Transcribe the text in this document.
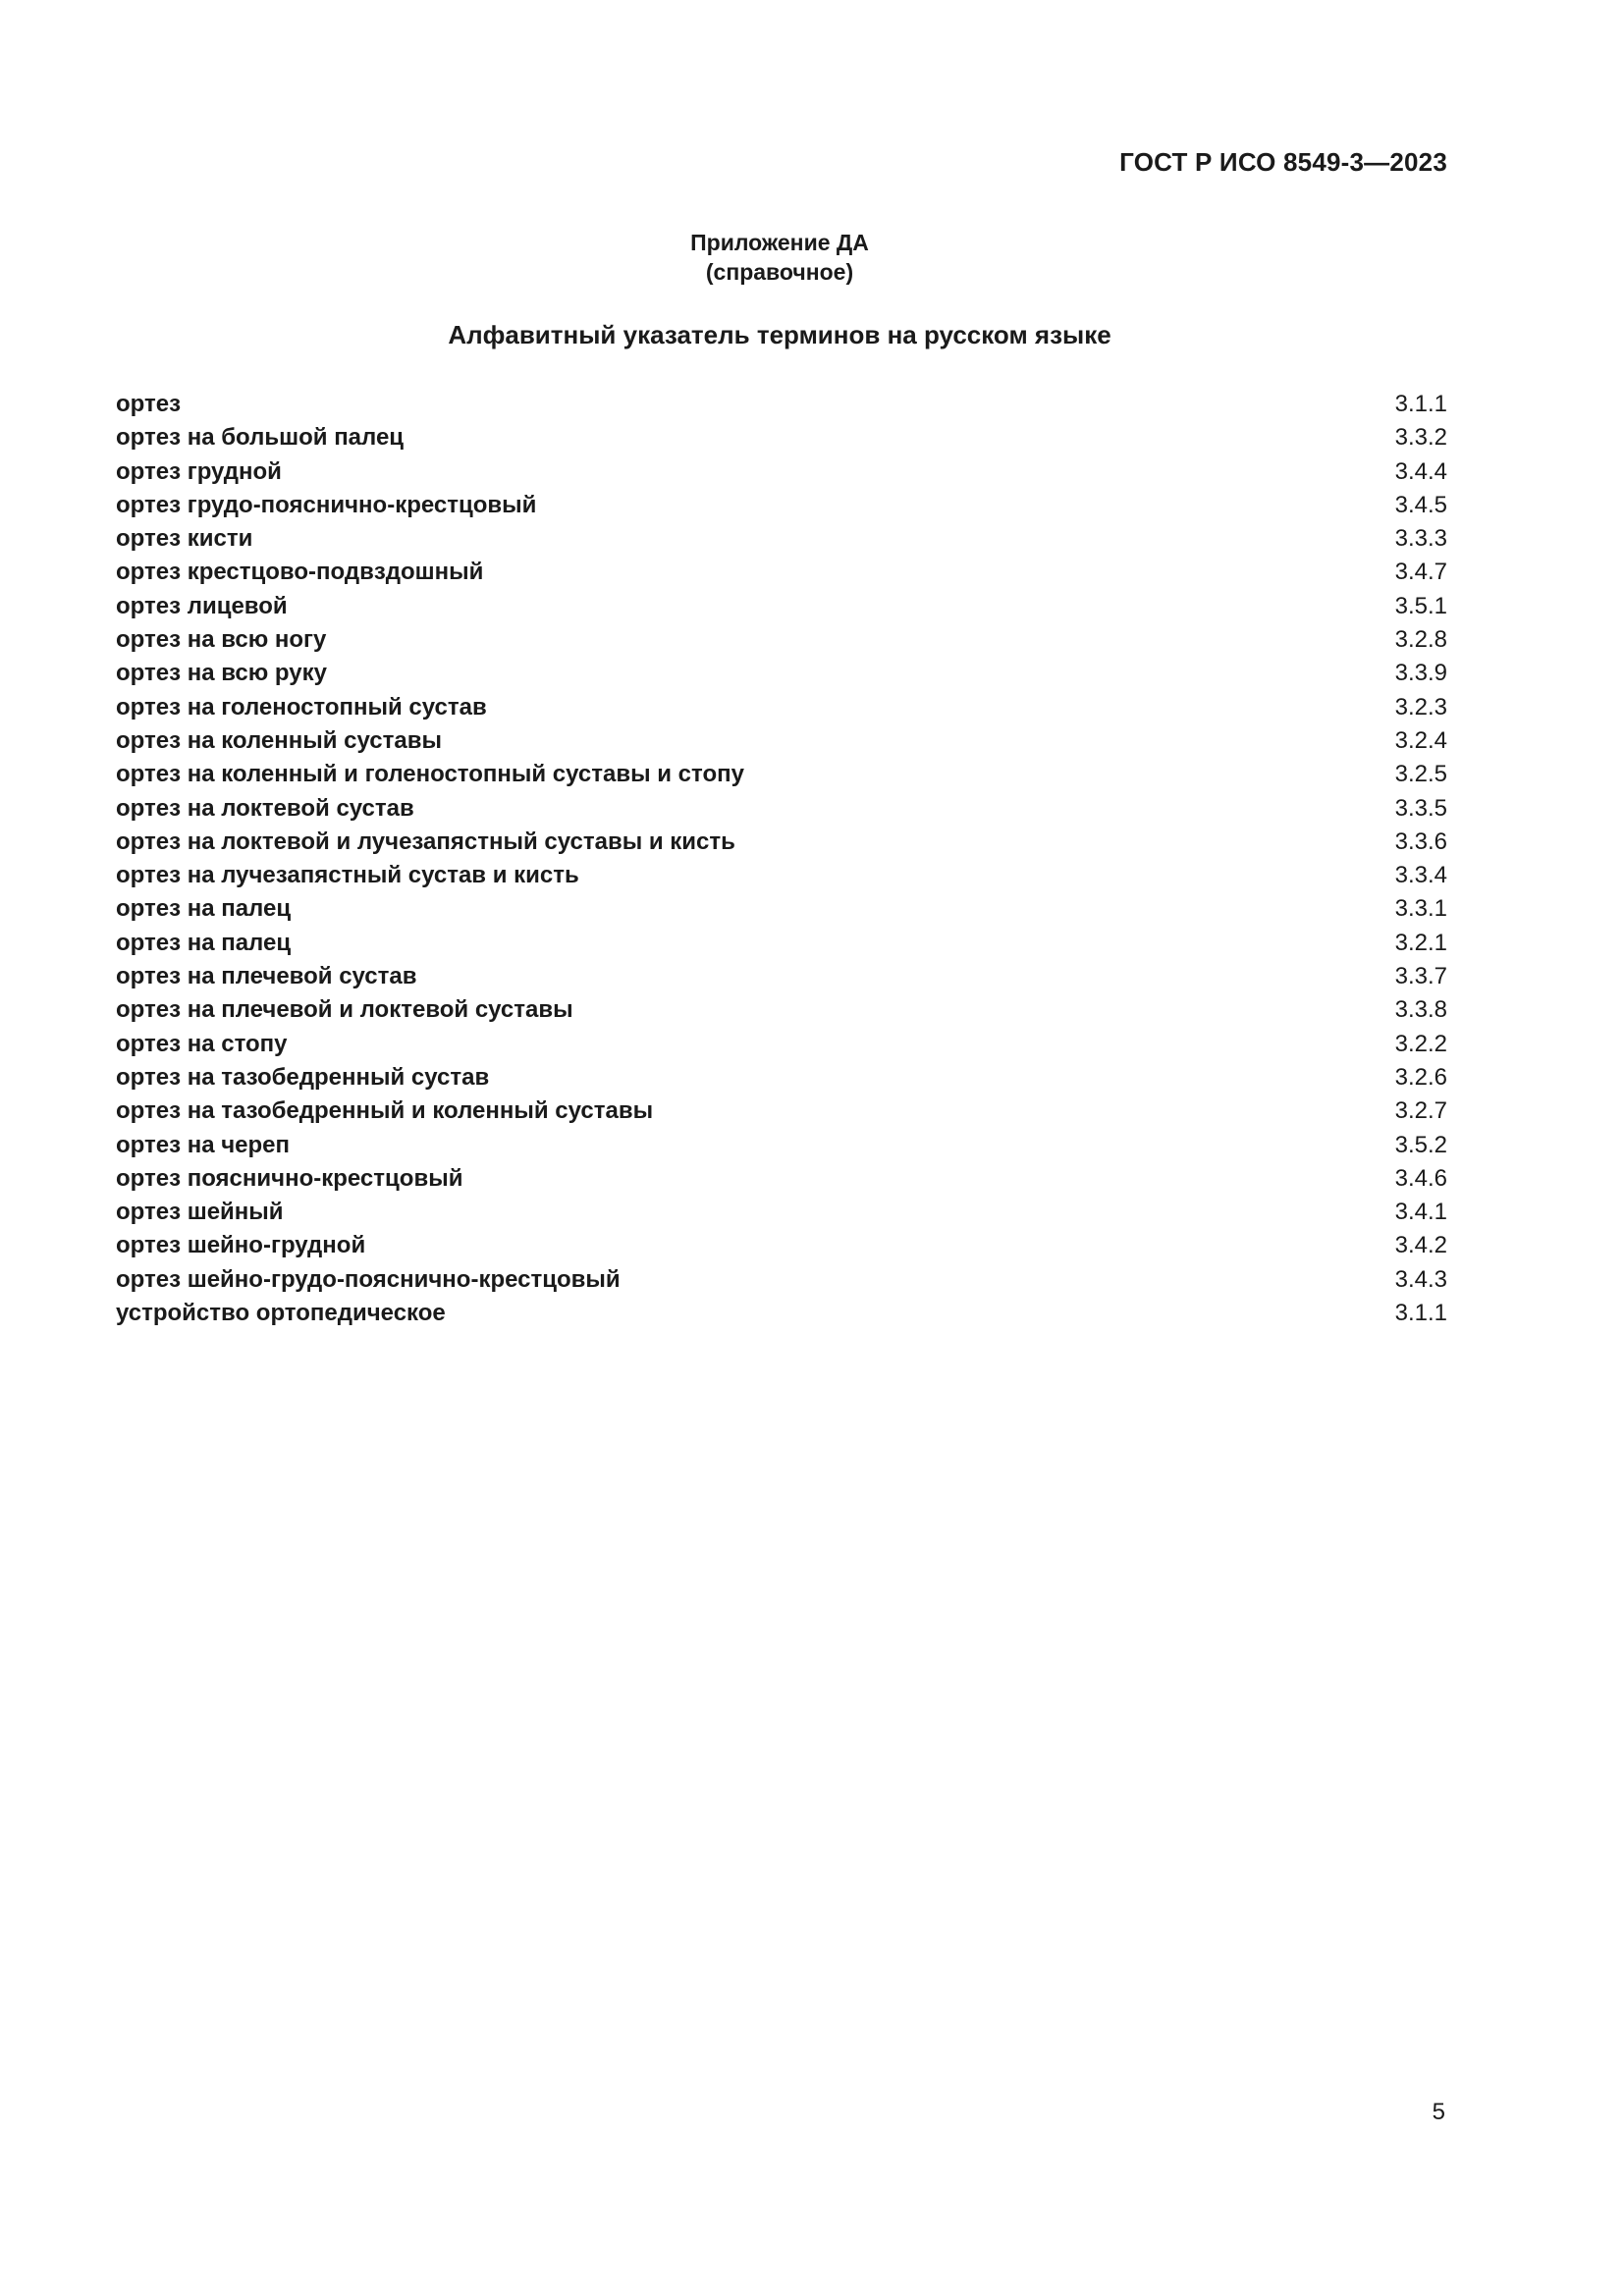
ГОСТ Р ИСО 8549-3—2023
Приложение ДА
(справочное)
Алфавитный указатель терминов на русском языке
ортез	3.1.1
ортез на большой палец	3.3.2
ортез грудной	3.4.4
ортез грудо-пояснично-крестцовый	3.4.5
ортез кисти	3.3.3
ортез крестцово-подвздошный	3.4.7
ортез лицевой	3.5.1
ортез на всю ногу	3.2.8
ортез на всю руку	3.3.9
ортез на голеностопный сустав	3.2.3
ортез на коленный суставы	3.2.4
ортез на коленный и голеностопный суставы и стопу	3.2.5
ортез на локтевой сустав	3.3.5
ортез на локтевой и лучезапястный суставы и кисть	3.3.6
ортез на лучезапястный сустав и кисть	3.3.4
ортез на палец	3.3.1
ортез на палец	3.2.1
ортез на плечевой сустав	3.3.7
ортез на плечевой и локтевой суставы	3.3.8
ортез на стопу	3.2.2
ортез на тазобедренный сустав	3.2.6
ортез на тазобедренный и коленный суставы	3.2.7
ортез на череп	3.5.2
ортез пояснично-крестцовый	3.4.6
ортез шейный	3.4.1
ортез шейно-грудной	3.4.2
ортез шейно-грудо-пояснично-крестцовый	3.4.3
устройство ортопедическое	3.1.1
5
